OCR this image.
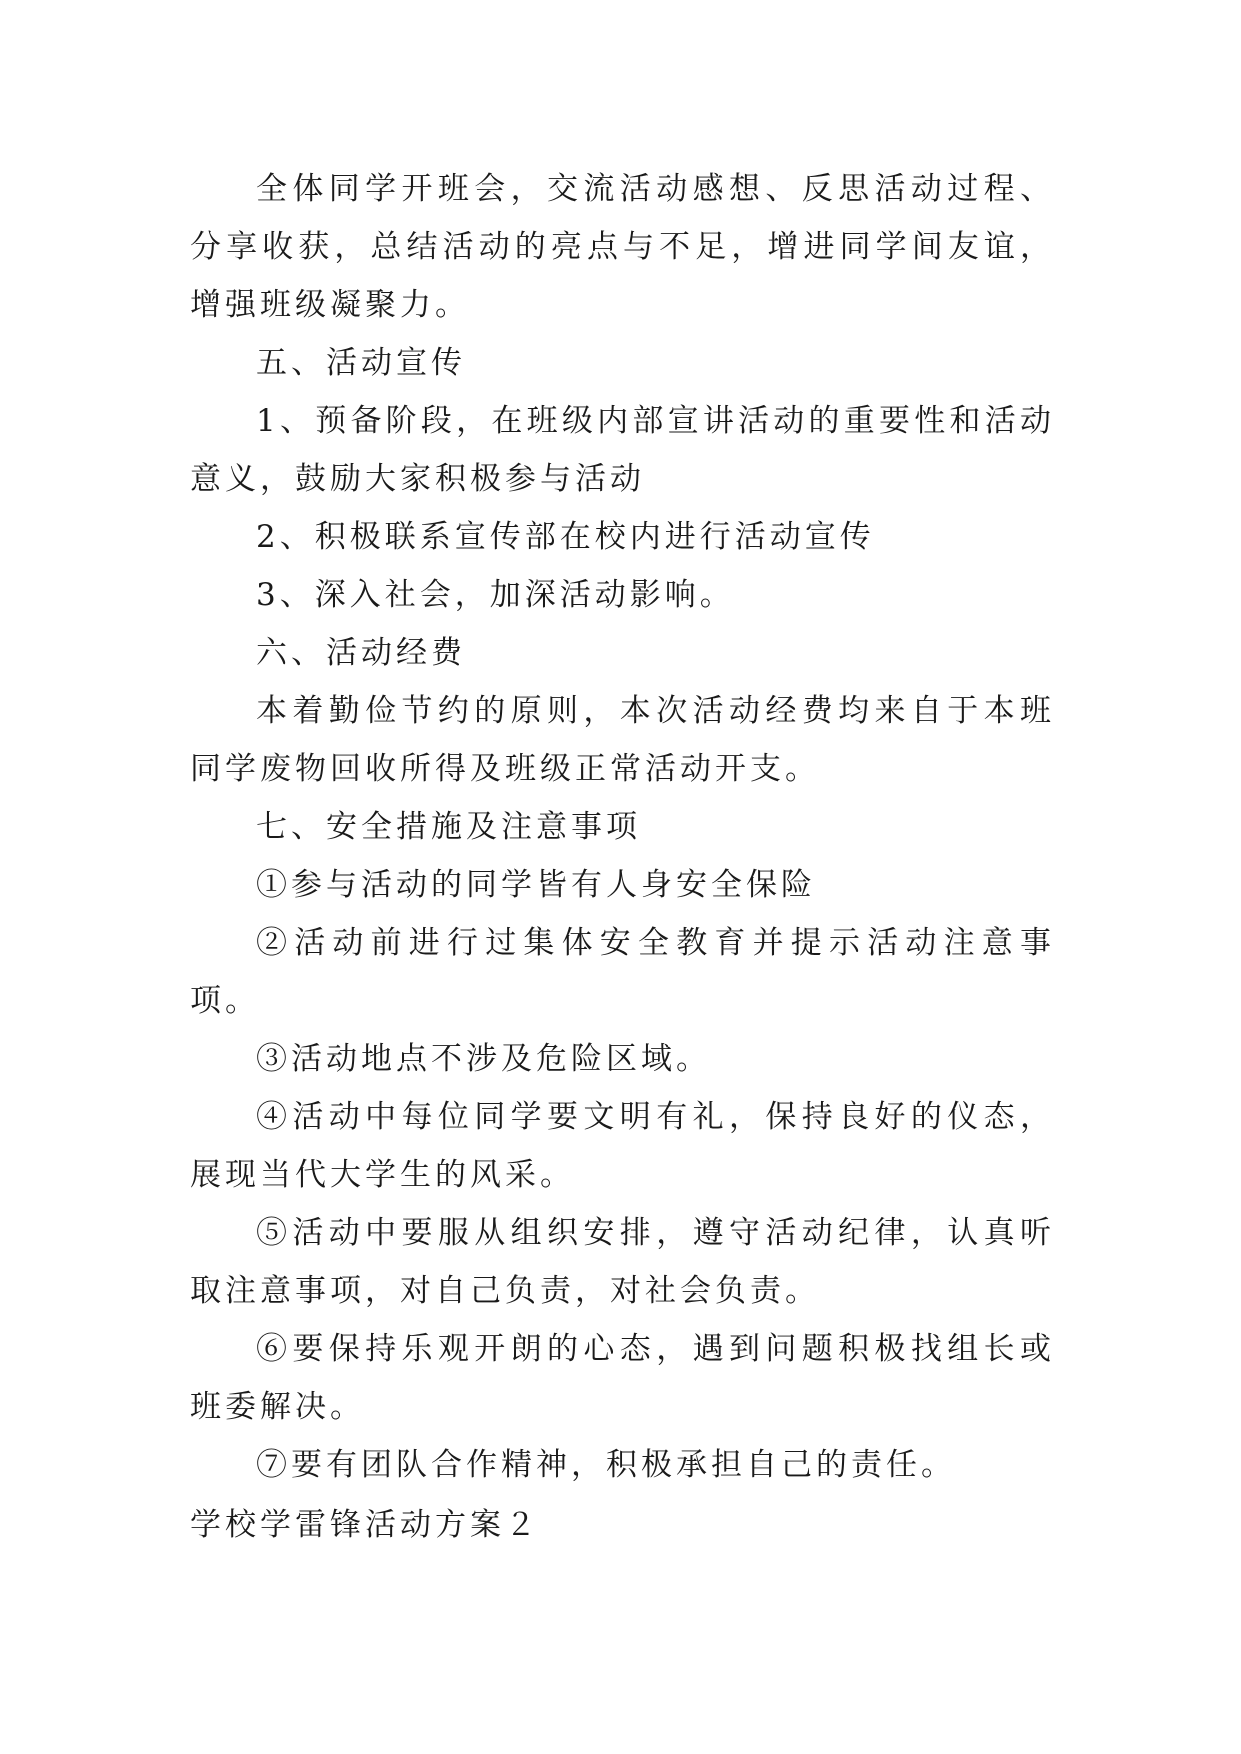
全体同学开班会，交流活动感想、反思活动过程、分享收获，总结活动的亮点与不足，增进同学间友谊，增强班级凝聚力。

五、活动宣传

1、预备阶段，在班级内部宣讲活动的重要性和活动意义，鼓励大家积极参与活动

2、积极联系宣传部在校内进行活动宣传

3、深入社会，加深活动影响。

六、活动经费

本着勤俭节约的原则，本次活动经费均来自于本班同学废物回收所得及班级正常活动开支。

七、安全措施及注意事项

①参与活动的同学皆有人身安全保险

②活动前进行过集体安全教育并提示活动注意事项。

③活动地点不涉及危险区域。

④活动中每位同学要文明有礼，保持良好的仪态，展现当代大学生的风采。

⑤活动中要服从组织安排，遵守活动纪律，认真听取注意事项，对自己负责，对社会负责。

⑥要保持乐观开朗的心态，遇到问题积极找组长或班委解决。

⑦要有团队合作精神，积极承担自己的责任。

学校学雷锋活动方案２
